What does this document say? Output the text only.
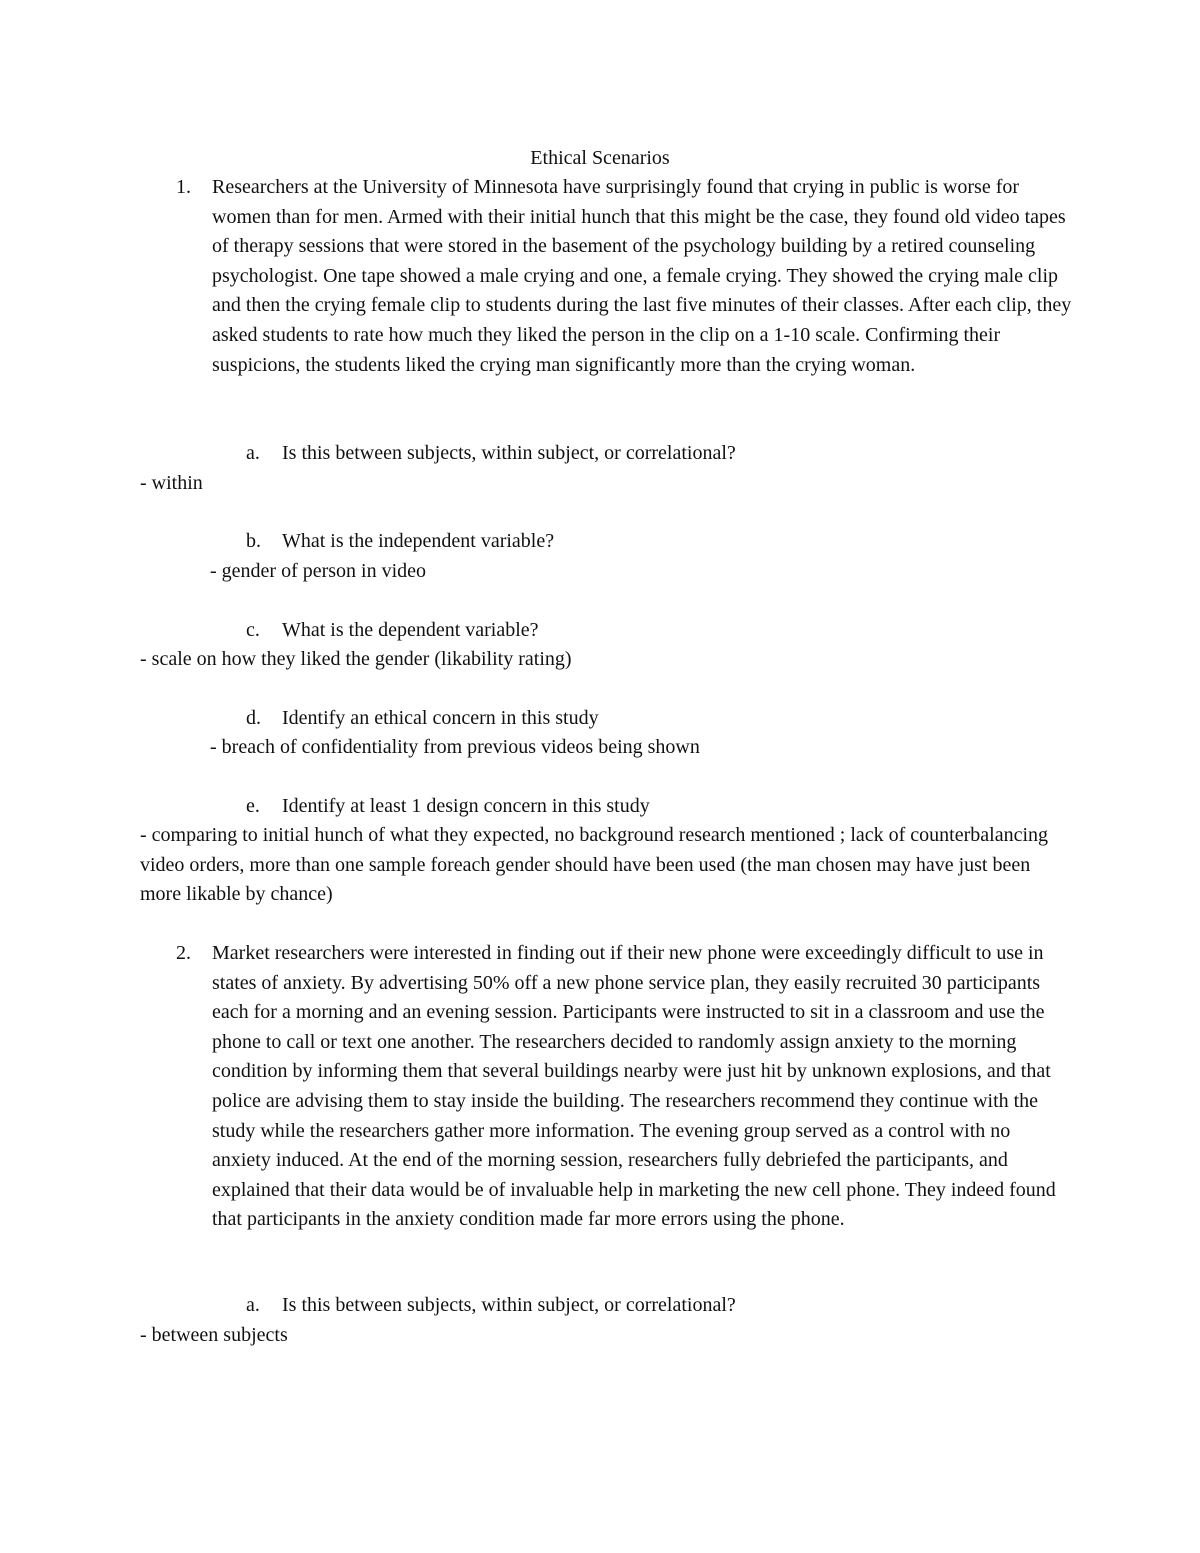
Ethical Scenarios
1. Researchers at the University of Minnesota have surprisingly found that crying in public is worse for women than for men. Armed with their initial hunch that this might be the case, they found old video tapes of therapy sessions that were stored in the basement of the psychology building by a retired counseling psychologist. One tape showed a male crying and one, a female crying. They showed the crying male clip and then the crying female clip to students during the last five minutes of their classes. After each clip, they asked students to rate how much they liked the person in the clip on a 1-10 scale. Confirming their suspicions, the students liked the crying man significantly more than the crying woman.

a. Is this between subjects, within subject, or correlational?

- within

b. What is the independent variable?

- gender of person in video

c. What is the dependent variable?

- scale on how they liked the gender (likability rating)

d. Identify an ethical concern in this study

- breach of confidentiality from previous videos being shown

e. Identify at least 1 design concern in this study

- comparing to initial hunch of what they expected, no background research mentioned ; lack of counterbalancing video orders, more than one sample foreach gender should have been used (the man chosen may have just been more likable by chance)

2. Market researchers were interested in finding out if their new phone were exceedingly difficult to use in states of anxiety. By advertising 50% off a new phone service plan, they easily recruited 30 participants each for a morning and an evening session. Participants were instructed to sit in a classroom and use the phone to call or text one another. The researchers decided to randomly assign anxiety to the morning condition by informing them that several buildings nearby were just hit by unknown explosions, and that police are advising them to stay inside the building. The researchers recommend they continue with the study while the researchers gather more information. The evening group served as a control with no anxiety induced. At the end of the morning session, researchers fully debriefed the participants, and explained that their data would be of invaluable help in marketing the new cell phone. They indeed found that participants in the anxiety condition made far more errors using the phone.

a. Is this between subjects, within subject, or correlational?

- between subjects
